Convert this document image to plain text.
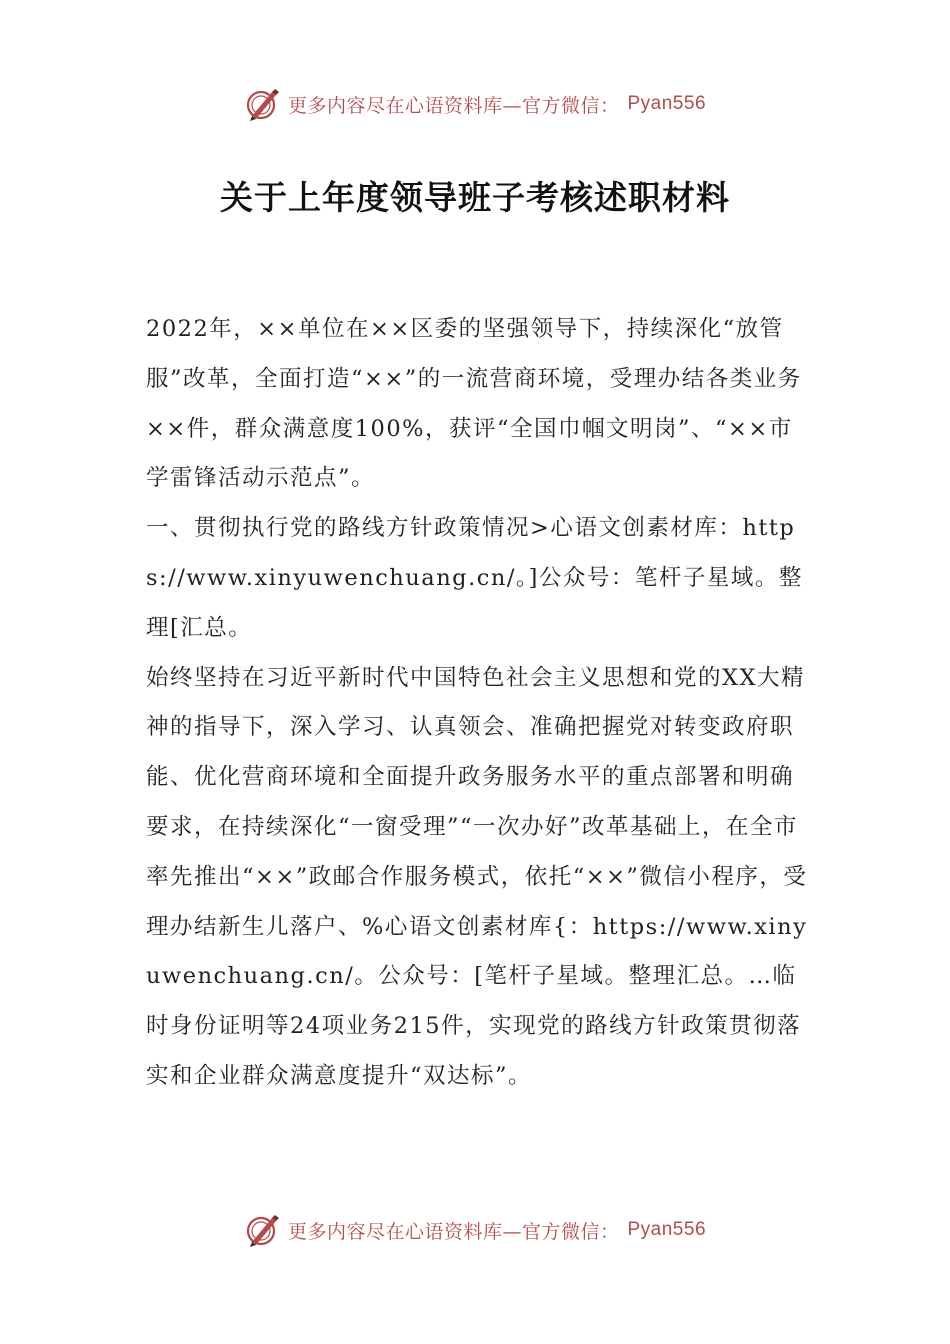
更多内容尽在心语资料库—官方微信： Pyan556
关于上年度领导班子考核述职材料

2022年，××单位在××区委的坚强领导下，持续深化“放管服”改革，全面打造“××”的一流营商环境，受理办结各类业务××件，群众满意度100%，获评“全国巾帼文明岗”、“××市学雷锋活动示范点”。

一、贯彻执行党的路线方针政策情况>心语文创素材库：https://www.xinyuwenchuang.cn/。]公众号：笔杆子星域。整理[汇总。

始终坚持在习近平新时代中国特色社会主义思想和党的XX大精神的指导下，深入学习、认真领会、准确把握党对转变政府职能、优化营商环境和全面提升政务服务水平的重点部署和明确要求，在持续深化“一窗受理”“一次办好”改革基础上，在全市率先推出“××”政邮合作服务模式，依托“××”微信小程序，受理办结新生儿落户、%心语文创素材库{：https://www.xinyuwenchuang.cn/。公众号：[笔杆子星域。整理汇总。…临时身份证明等24项业务215件，实现党的路线方针政策贯彻落实和企业群众满意度提升“双达标”。

更多内容尽在心语资料库—官方微信： Pyan556
